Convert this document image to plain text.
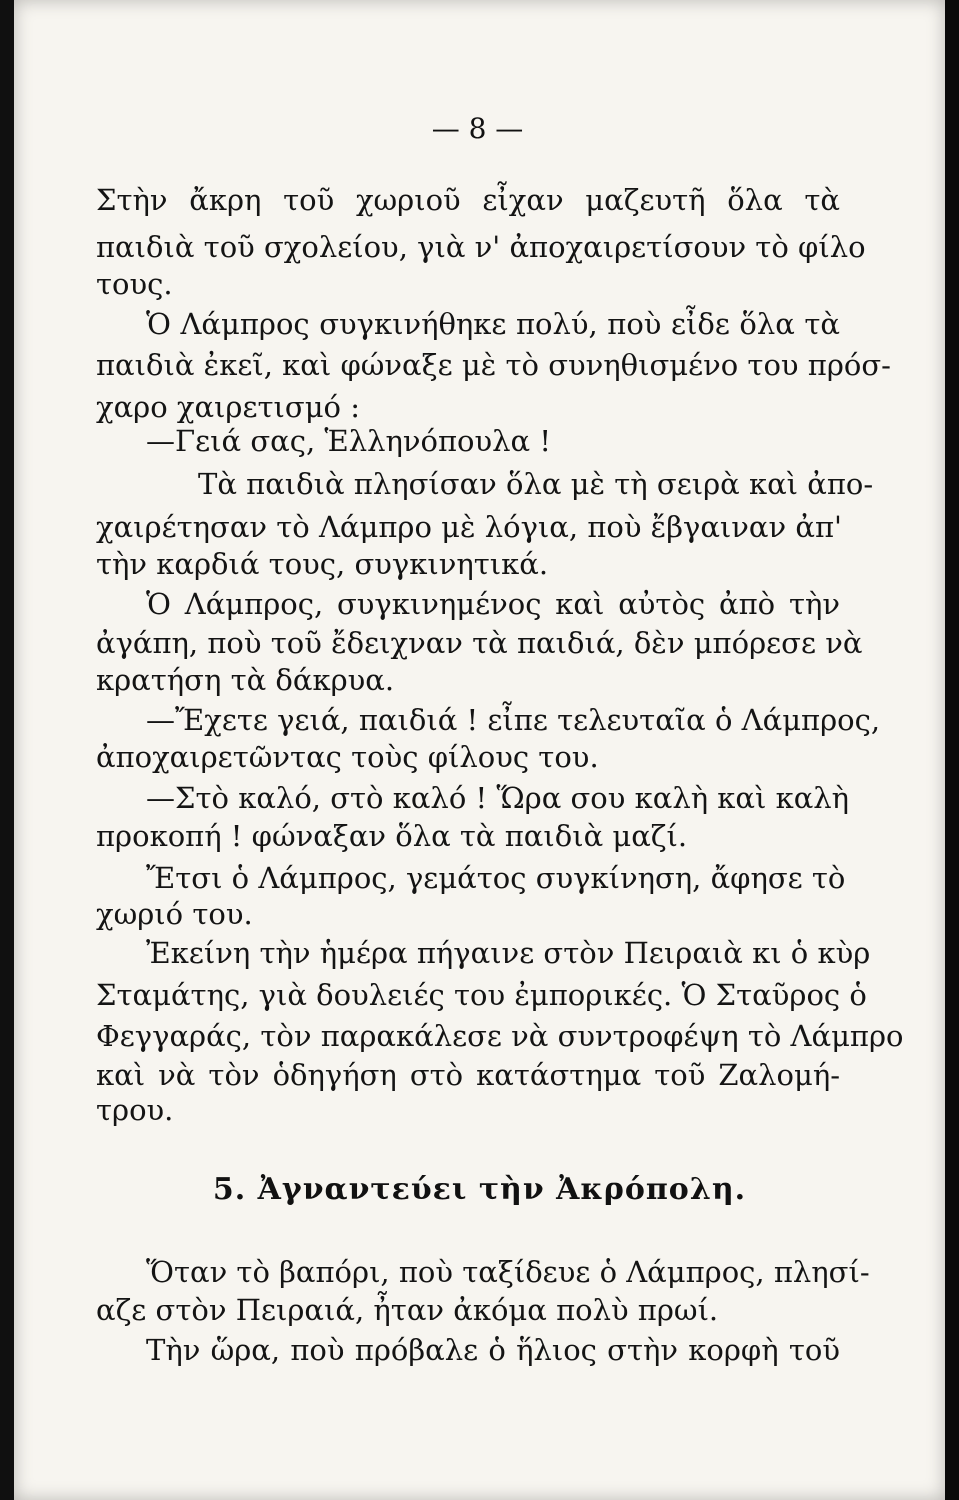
— 8 —
Στὴν ἄκρη τοῦ χωριοῦ εἶχαν μαζευτῆ ὅλα τὰ
παιδιὰ τοῦ σχολείου, γιὰ ν' ἀποχαιρετίσουν τὸ φίλο
τους.
Ὁ Λάμπρος συγκινήθηκε πολύ, ποὺ εἶδε ὅλα τὰ
παιδιὰ ἐκεῖ, καὶ φώναξε μὲ τὸ συνηθισμένο του πρόσ-
χαρο χαιρετισμό :
—Γειά σας, Ἑλληνόπουλα !
Τὰ παιδιὰ πλησίσαν ὅλα μὲ τὴ σειρὰ καὶ ἀπο-
χαιρέτησαν τὸ Λάμπρο μὲ λόγια, ποὺ ἔβγαιναν ἀπ'
τὴν καρδιά τους, συγκινητικά.
Ὁ Λάμπρος, συγκινημένος καὶ αὐτὸς ἀπὸ τὴν
ἀγάπη, ποὺ τοῦ ἔδειχναν τὰ παιδιά, δὲν μπόρεσε νὰ
κρατήση τὰ δάκρυα.
—Ἔχετε γειά, παιδιά ! εἶπε τελευταῖα ὁ Λάμπρος,
ἀποχαιρετῶντας τοὺς φίλους του.
—Στὸ καλό, στὸ καλό ! Ὥρα σου καλὴ καὶ καλὴ
προκοπή ! φώναξαν ὅλα τὰ παιδιὰ μαζί.
Ἔτσι ὁ Λάμπρος, γεμάτος συγκίνηση, ἄφησε τὸ
χωριό του.
Ἐκείνη τὴν ἡμέρα πήγαινε στὸν Πειραιὰ κι ὁ κὺρ
Σταμάτης, γιὰ δουλειές του ἐμπορικές. Ὁ Σταῦρος ὁ
Φεγγαράς, τὸν παρακάλεσε νὰ συντροφέψη τὸ Λάμπρο
καὶ νὰ τὸν ὁδηγήση στὸ κατάστημα τοῦ Ζαλομή-
τρου.
5. Ἀγναντεύει τὴν Ἀκρόπολη.
Ὅταν τὸ βαπόρι, ποὺ ταξίδευε ὁ Λάμπρος, πλησί-
αζε στὸν Πειραιά, ἦταν ἀκόμα πολὺ πρωί.
Τὴν ὥρα, ποὺ πρόβαλε ὁ ἥλιος στὴν κορφὴ τοῦ
